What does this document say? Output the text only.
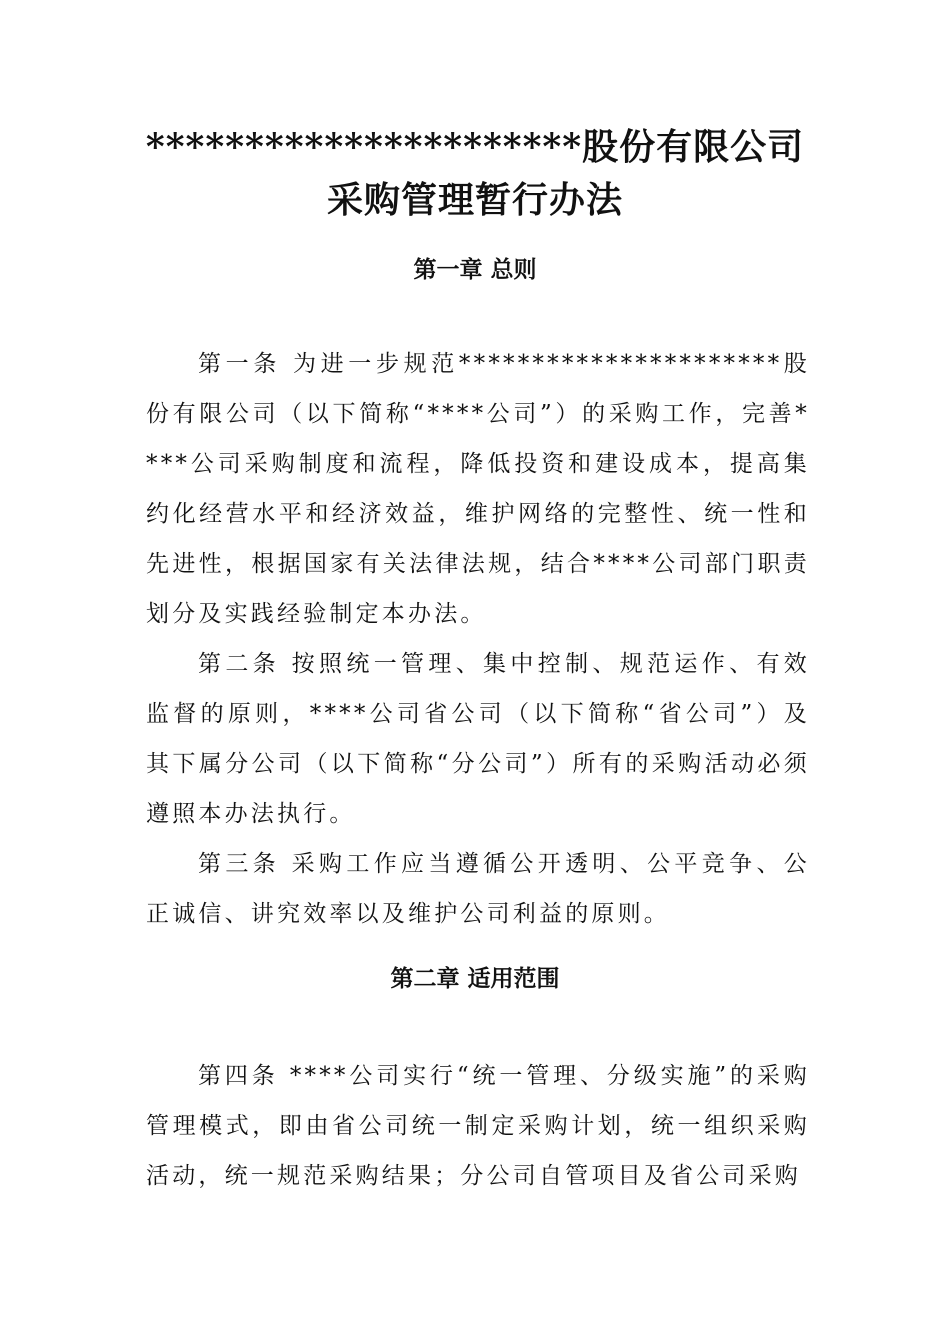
**********************股份有限公司
采购管理暂行办法
第一章 总则

第一条 为进一步规范**********************股份有限公司（以下简称“****公司”）的采购工作，完善****公司采购制度和流程，降低投资和建设成本，提高集约化经营水平和经济效益，维护网络的完整性、统一性和先进性，根据国家有关法律法规，结合****公司部门职责划分及实践经验制定本办法。

第二条 按照统一管理、集中控制、规范运作、有效监督的原则，****公司省公司（以下简称“省公司”）及其下属分公司（以下简称“分公司”）所有的采购活动必须遵照本办法执行。

第三条 采购工作应当遵循公开透明、公平竞争、公正诚信、讲究效率以及维护公司利益的原则。

第二章 适用范围

第四条 ****公司实行“统一管理、分级实施”的采购管理模式，即由省公司统一制定采购计划，统一组织采购活动，统一规范采购结果；分公司自管项目及省公司采购
